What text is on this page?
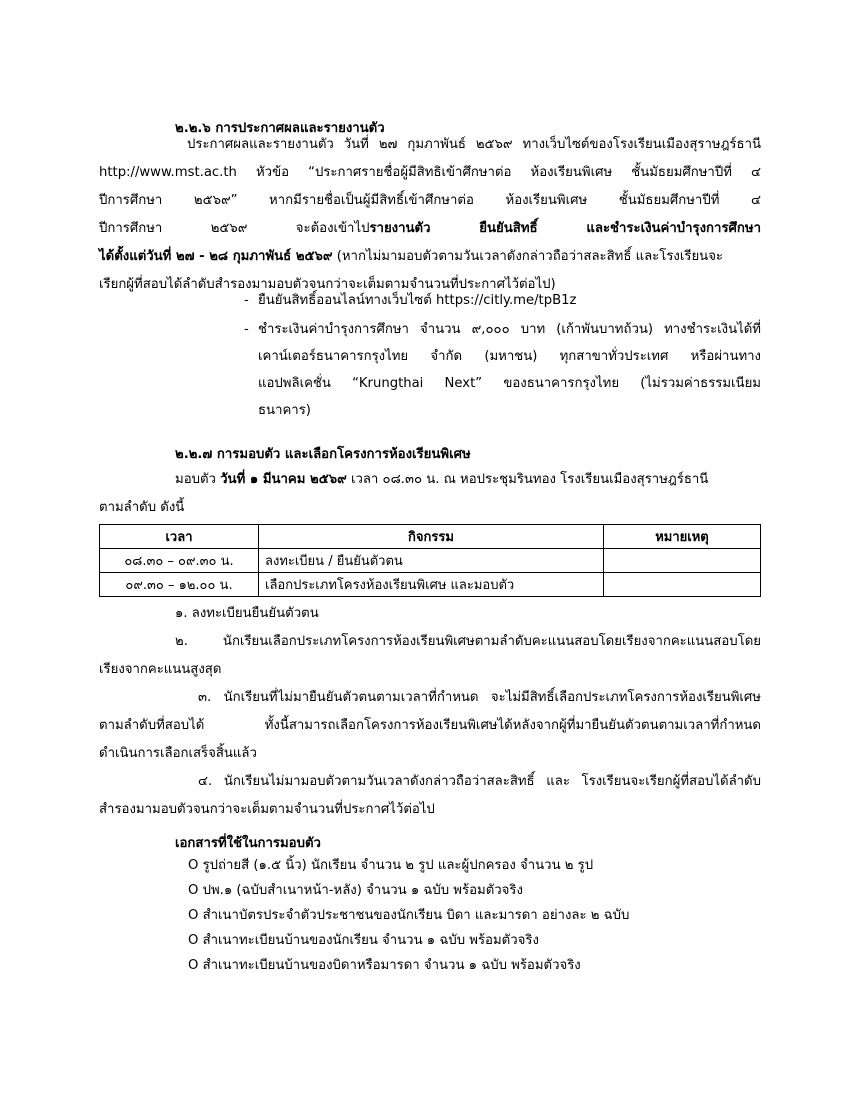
๒.๒.๖ การประกาศผลและรายงานตัว
ประกาศผลและรายงานตัว วันที่ ๒๗ กุมภาพันธ์ ๒๕๖๙ ทางเว็บไซต์ของโรงเรียนเมืองสุราษฎร์ธานี
http://www.mst.ac.th หัวข้อ “ประกาศรายชื่อผู้มีสิทธิเข้าศึกษาต่อ ห้องเรียนพิเศษ ชั้นมัธยมศึกษาปีที่ ๔
ปีการศึกษา ๒๕๖๙” หากมีรายชื่อเป็นผู้มีสิทธิ์เข้าศึกษาต่อ ห้องเรียนพิเศษ ชั้นมัธยมศึกษาปีที่ ๔
ปีการศึกษา ๒๕๖๙ จะต้องเข้าไปรายงานตัว ยืนยันสิทธิ์ และชำระเงินค่าบำรุงการศึกษา
ได้ตั้งแต่วันที่ ๒๗ - ๒๘ กุมภาพันธ์ ๒๕๖๙ (หากไม่มามอบตัวตามวันเวลาดังกล่าวถือว่าสละสิทธิ์ และโรงเรียนจะ
เรียกผู้ที่สอบได้ลำดับสำรองมามอบตัวจนกว่าจะเต็มตามจำนวนที่ประกาศไว้ต่อไป)
- ยืนยันสิทธิ์ออนไลน์ทางเว็บไซต์ https://citly.me/tpB1z
- ชำระเงินค่าบำรุงการศึกษา จำนวน ๙,๐๐๐ บาท (เก้าพันบาทถ้วน) ทางชำระเงินได้ที่
เคาน์เตอร์ธนาคารกรุงไทย จำกัด (มหาชน) ทุกสาขาทั่วประเทศ หรือผ่านทาง
แอปพลิเคชั่น “Krungthai Next” ของธนาคารกรุงไทย (ไม่รวมค่าธรรมเนียม
ธนาคาร)
๒.๒.๗ การมอบตัว และเลือกโครงการห้องเรียนพิเศษ
มอบตัว วันที่ ๑ มีนาคม ๒๕๖๙ เวลา ๐๘.๓๐ น. ณ หอประชุมรินทอง โรงเรียนเมืองสุราษฎร์ธานี
ตามลำดับ ดังนี้
เวลา	กิจกรรม	หมายเหตุ
๐๘.๓๐ – ๐๙.๓๐ น.	ลงทะเบียน / ยืนยันตัวตน	
๐๙.๓๐ – ๑๒.๐๐ น.	เลือกประเภทโครงห้องเรียนพิเศษ และมอบตัว	
๑. ลงทะเบียนยืนยันตัวตน
๒. นักเรียนเลือกประเภทโครงการห้องเรียนพิเศษตามลำดับคะแนนสอบโดยเรียงจากคะแนนสอบโดย
เรียงจากคะแนนสูงสุด
๓. นักเรียนที่ไม่มายืนยันตัวตนตามเวลาที่กำหนด จะไม่มีสิทธิ์เลือกประเภทโครงการห้องเรียนพิเศษ
ตามลำดับที่สอบได้ ทั้งนี้สามารถเลือกโครงการห้องเรียนพิเศษได้หลังจากผู้ที่มายืนยันตัวตนตามเวลาที่กำหนด
ดำเนินการเลือกเสร็จสิ้นแล้ว
๔. นักเรียนไม่มามอบตัวตามวันเวลาดังกล่าวถือว่าสละสิทธิ์ และ โรงเรียนจะเรียกผู้ที่สอบได้ลำดับ
สำรองมามอบตัวจนกว่าจะเต็มตามจำนวนที่ประกาศไว้ต่อไป
เอกสารที่ใช้ในการมอบตัว
O รูปถ่ายสี (๑.๕ นิ้ว) นักเรียน จำนวน ๒ รูป และผู้ปกครอง จำนวน ๒ รูป
O ปพ.๑ (ฉบับสำเนาหน้า-หลัง) จำนวน ๑ ฉบับ พร้อมตัวจริง
O สำเนาบัตรประจำตัวประชาชนของนักเรียน บิดา และมารดา อย่างละ ๒ ฉบับ
O สำเนาทะเบียนบ้านของนักเรียน จำนวน ๑ ฉบับ พร้อมตัวจริง
O สำเนาทะเบียนบ้านของบิดาหรือมารดา จำนวน ๑ ฉบับ พร้อมตัวจริง
